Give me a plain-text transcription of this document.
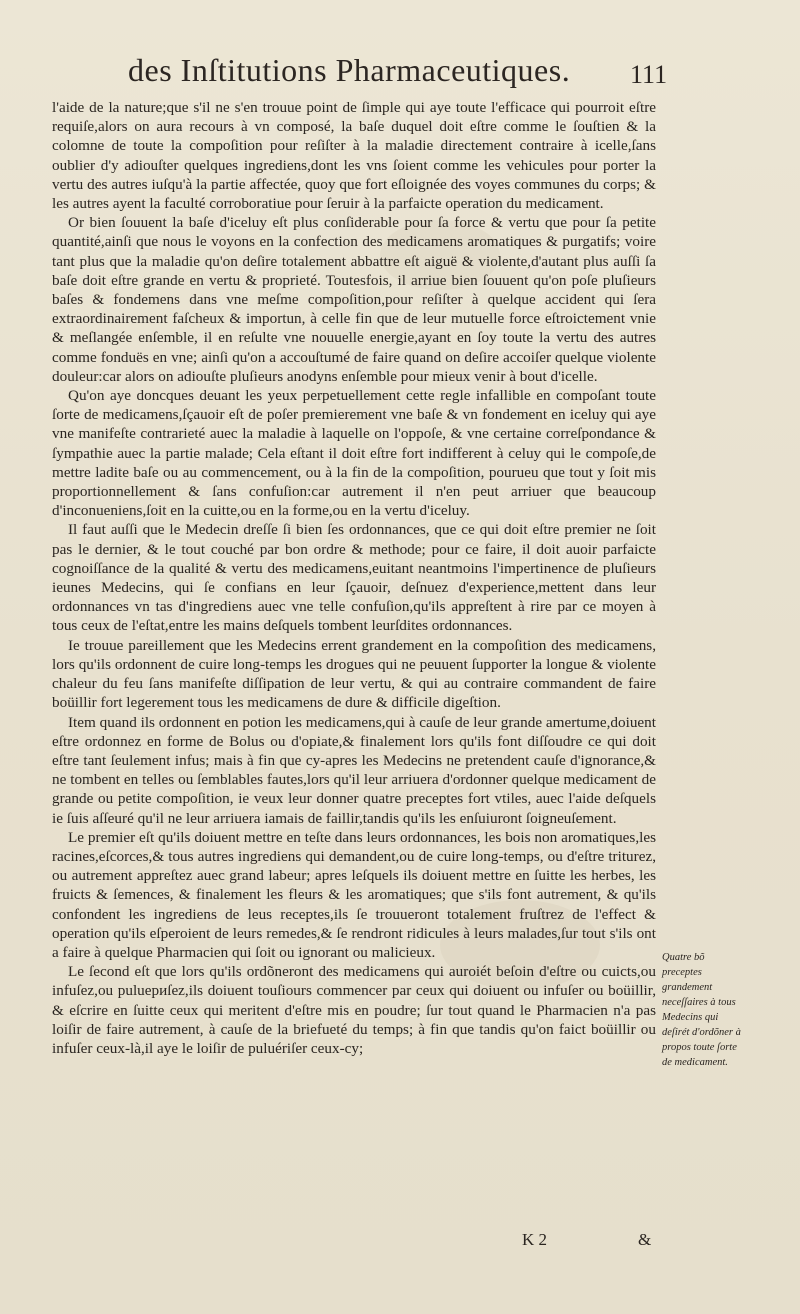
des Inſtitutions Pharmaceutiques. 111

l'aide de la nature;que s'il ne s'en trouue point de ſimple qui aye toute l'efficace qui pourroit eſtre requiſe,alors on aura recours à vn composé, la baſe duquel doit eſtre comme le ſouſtien & la colomne de toute la compoſition pour reſiſter à la maladie directement contraire à icelle,ſans oublier d'y adiouſter quelques ingrediens,dont les vns ſoient comme les vehicules pour porter la vertu des autres iuſqu'à la partie affectée, quoy que fort eſloignée des voyes communes du corps; & les autres ayent la faculté corroboratiue pour ſeruir à la parfaicte operation du medicament.

Or bien ſouuent la baſe d'iceluy eſt plus conſiderable pour ſa force & vertu que pour ſa petite quantité,ainſi que nous le voyons en la confection des medicamens aromatiques & purgatifs; voire tant plus que la maladie qu'on deſire totalement abbattre eſt aiguë & violente,d'autant plus auſſi ſa baſe doit eſtre grande en vertu & proprieté. Toutesfois, il arriue bien ſouuent qu'on poſe pluſieurs baſes & fondemens dans vne meſme compoſition,pour reſiſter à quelque accident qui ſera extraordinairement faſcheux & importun, à celle fin que de leur mutuelle force eſtroictement vnie & meſlangée enſemble, il en reſulte vne nouuelle energie,ayant en ſoy toute la vertu des autres comme fonduës en vne; ainſi qu'on a accouſtumé de faire quand on deſire accoiſer quelque violente douleur:car alors on adiouſte pluſieurs anodyns enſemble pour mieux venir à bout d'icelle.

Qu'on aye doncques deuant les yeux perpetuellement cette regle infallible en compoſant toute ſorte de medicamens,ſçauoir eſt de poſer premierement vne baſe & vn fondement en iceluy qui aye vne manifeſte contrarieté auec la maladie à laquelle on l'oppoſe, & vne certaine correſpondance & ſympathie auec la partie malade; Cela eſtant il doit eſtre fort indifferent à celuy qui le compoſe,de mettre ladite baſe ou au commencement, ou à la fin de la compoſition, pourueu que tout y ſoit mis proportionnellement & ſans confuſion:car autrement il n'en peut arriuer que beaucoup d'inconueniens,ſoit en la cuitte,ou en la forme,ou en la vertu d'iceluy.

Il faut auſſi que le Medecin dreſſe ſi bien ſes ordonnances, que ce qui doit eſtre premier ne ſoit pas le dernier, & le tout couché par bon ordre & methode; pour ce faire, il doit auoir parfaicte cognoiſſance de la qualité & vertu des medicamens,euitant neantmoins l'impertinence de pluſieurs ieunes Medecins, qui ſe confians en leur ſçauoir, deſnuez d'experience,mettent dans leur ordonnances vn tas d'ingrediens auec vne telle confuſion,qu'ils appreſtent à rire par ce moyen à tous ceux de l'eſtat,entre les mains deſquels tombent leurſdites ordonnances.

Ie trouue pareillement que les Medecins errent grandement en la compoſition des medicamens, lors qu'ils ordonnent de cuire long-temps les drogues qui ne peuuent ſupporter la longue & violente chaleur du feu ſans manifeſte diſſipation de leur vertu, & qui au contraire commandent de faire boüillir fort legerement tous les medicamens de dure & difficile digeſtion.

Item quand ils ordonnent en potion les medicamens,qui à cauſe de leur grande amertume,doiuent eſtre ordonnez en forme de Bolus ou d'opiate,& finalement lors qu'ils font diſſoudre ce qui doit eſtre tant ſeulement infus; mais à fin que cy-apres les Medecins ne pretendent cauſe d'ignorance,& ne tombent en telles ou ſemblables fautes,lors qu'il leur arriuera d'ordonner quelque medicament de grande ou petite compoſition, ie veux leur donner quatre preceptes fort vtiles, auec l'aide deſquels ie ſuis aſſeuré qu'il ne leur arriuera iamais de faillir,tandis qu'ils les enſuiuront ſoigneuſement.

Le premier eſt qu'ils doiuent mettre en teſte dans leurs ordonnances, les bois non aromatiques,les racines,eſcorces,& tous autres ingrediens qui demandent,ou de cuire long-temps, ou d'eſtre triturez, ou autrement appreſtez auec grand labeur; apres leſquels ils doiuent mettre en ſuitte les herbes, les fruicts & ſemences, & finalement les fleurs & les aromatiques; que s'ils font autrement, & qu'ils confondent les ingrediens de leus receptes,ils ſe trouueront totalement fruſtrez de l'effect & operation qu'ils eſperoient de leurs remedes,& ſe rendront ridicules à leurs malades,ſur tout s'ils ont a faire à quelque Pharmacien qui ſoit ou ignorant ou malicieux.

Le ſecond eſt que lors qu'ils ordõneront des medicamens qui auroiét beſoin d'eſtre ou cuicts,ou infuſez,ou puluериſez,ils doiuent touſiours commencer par ceux qui doiuent ou infuſer ou boüillir, & eſcrire en ſuitte ceux qui meritent d'eſtre mis en poudre; ſur tout quand le Pharmacien n'a pas loiſir de faire autrement, à cauſe de la briefueté du temps; à fin que tandis qu'on faict boüillir ou infuſer ceux-là,il aye le loiſir de puluériſer ceux-cy;

Quatre bõ preceptes grandement neceſſaires à tous Medecins qui deſirét d'ordõner à propos toute ſorte de medicament.
K 2	&
